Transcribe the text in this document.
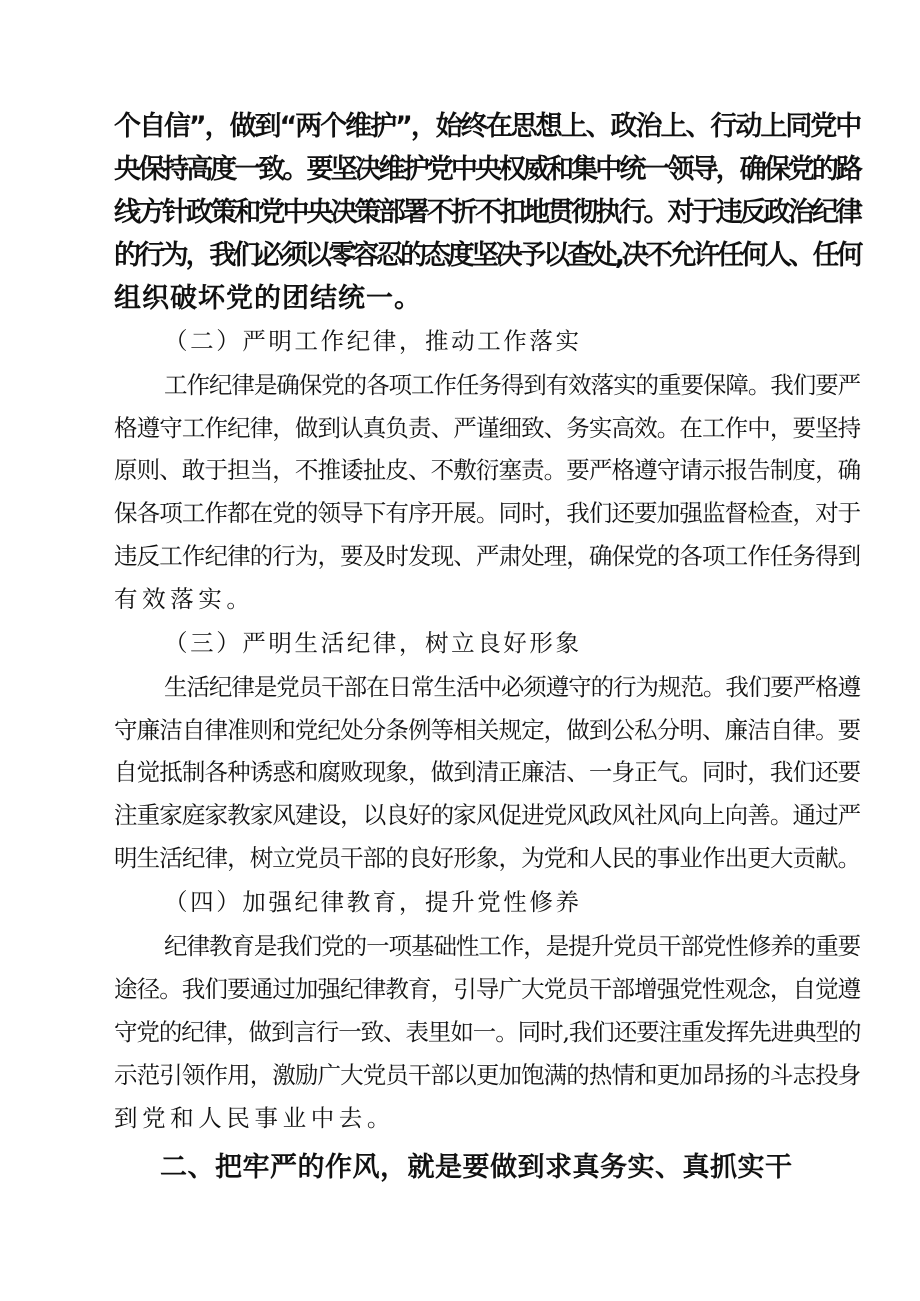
个自信”，做到“两个维护”，始终在思想上、政治上、行动上同党中

央保持高度一致。要坚决维护党中央权威和集中统一领导，确保党的路

线方针政策和党中央决策部署不折不扣地贯彻执行。对于违反政治纪律

的行为，我们必须以零容忍的态度坚决予以查处,决不允许任何人、任何

组织破坏党的团结统一。

（二）严明工作纪律，推动工作落实

工作纪律是确保党的各项工作任务得到有效落实的重要保障。我们要严

格遵守工作纪律，做到认真负责、严谨细致、务实高效。在工作中，要坚持

原则、敢于担当，不推诿扯皮、不敷衍塞责。要严格遵守请示报告制度，确

保各项工作都在党的领导下有序开展。同时，我们还要加强监督检查，对于

违反工作纪律的行为，要及时发现、严肃处理，确保党的各项工作任务得到

有效落实。

（三）严明生活纪律，树立良好形象

生活纪律是党员干部在日常生活中必须遵守的行为规范。我们要严格遵

守廉洁自律准则和党纪处分条例等相关规定，做到公私分明、廉洁自律。要

自觉抵制各种诱惑和腐败现象，做到清正廉洁、一身正气。同时，我们还要

注重家庭家教家风建设，以良好的家风促进党风政风社风向上向善。通过严

明生活纪律，树立党员干部的良好形象，为党和人民的事业作出更大贡献。

（四）加强纪律教育，提升党性修养

纪律教育是我们党的一项基础性工作，是提升党员干部党性修养的重要

途径。我们要通过加强纪律教育，引导广大党员干部增强党性观念，自觉遵

守党的纪律，做到言行一致、表里如一。同时,我们还要注重发挥先进典型的

示范引领作用，激励广大党员干部以更加饱满的热情和更加昂扬的斗志投身

到党和人民事业中去。

二、把牢严的作风，就是要做到求真务实、真抓实干
